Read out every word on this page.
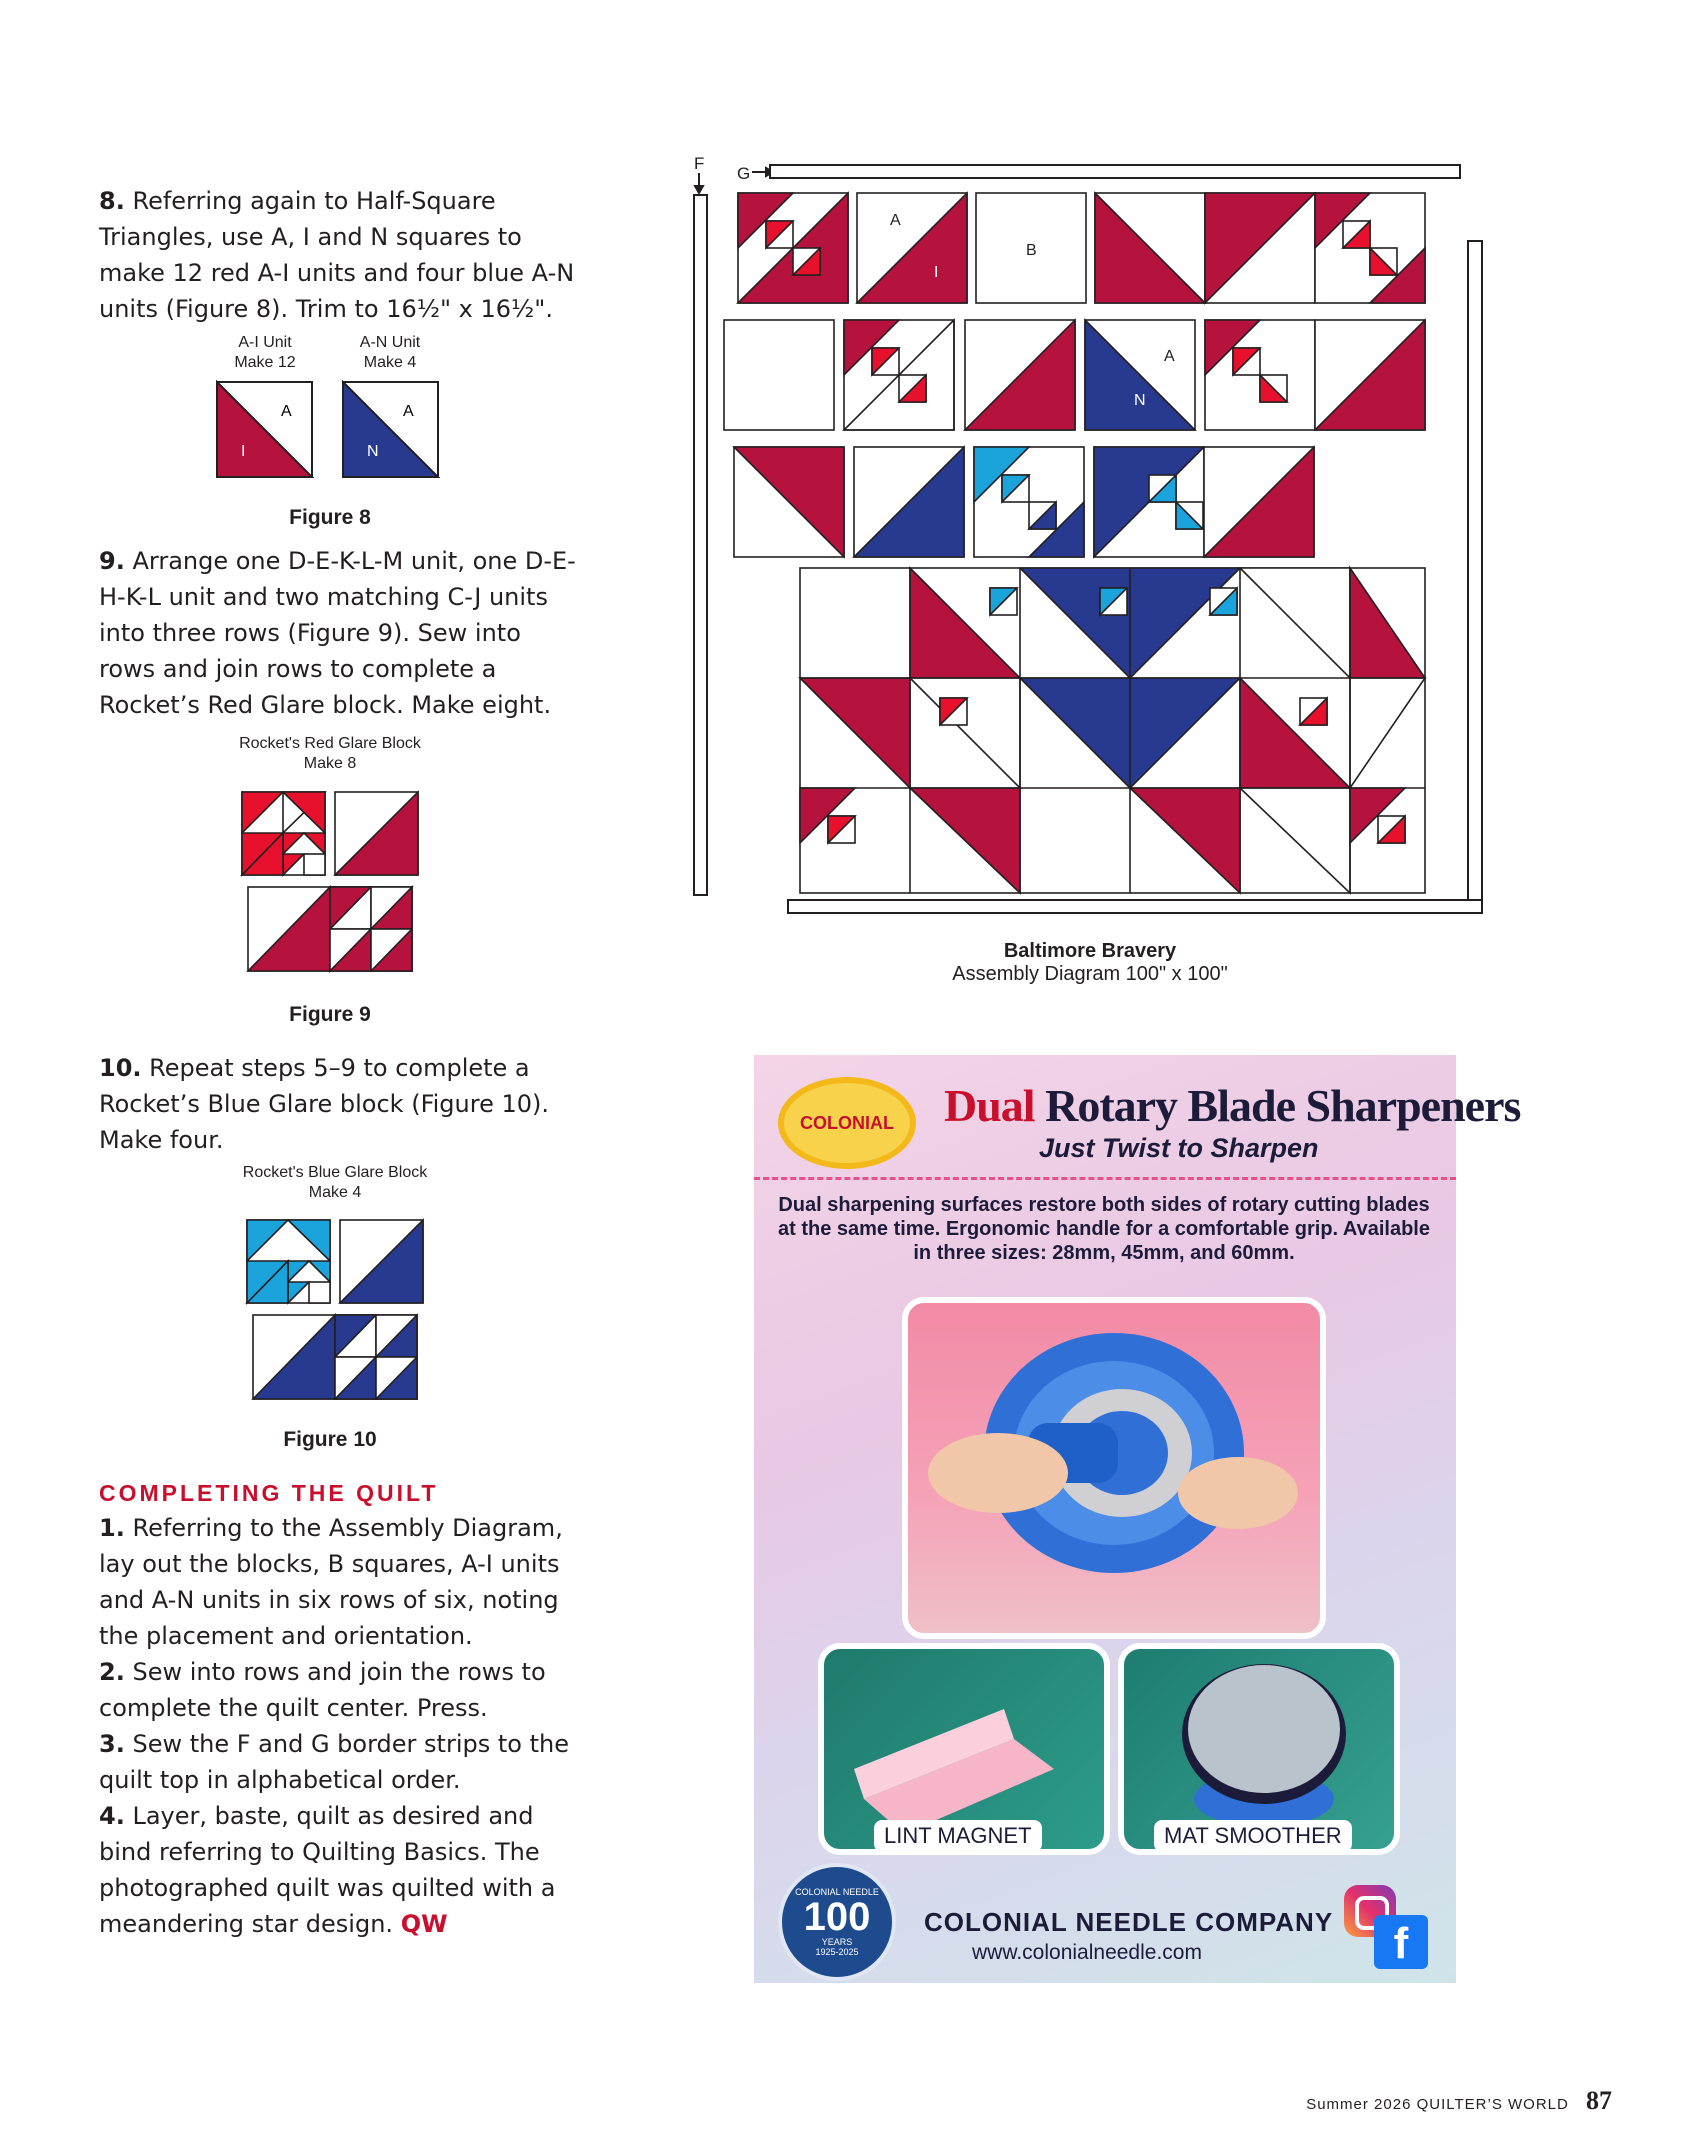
8. Referring again to Half-Square Triangles, use A, I and N squares to make 12 red A-I units and four blue A-N units (Figure 8). Trim to 16½" x 16½".

A-I Unit
Make 12
A-N Unit
Make 4
A
I
A
N
Figure 8

9. Arrange one D-E-K-L-M unit, one D-E-H-K-L unit and two matching C-J units into three rows (Figure 9). Sew into rows and join rows to complete a Rocket’s Red Glare block. Make eight.

Rocket's Red Glare Block
Make 8
Figure 9

10. Repeat steps 5–9 to complete a Rocket’s Blue Glare block (Figure 10). Make four.

Rocket's Blue Glare Block
Make 4
Figure 10
COMPLETING THE QUILT

1. Referring to the Assembly Diagram, lay out the blocks, B squares, A-I units and A-N units in six rows of six, noting the placement and orientation.

2. Sew into rows and join the rows to complete the quilt center. Press.

3. Sew the F and G border strips to the quilt top in alphabetical order.

4. Layer, baste, quilt as desired and bind referring to Quilting Basics. The photographed quilt was quilted with a meandering star design. QW

F
G
A
I
B
A
N
Baltimore Bravery
Assembly Diagram 100" x 100"
COLONIAL Dual Rotary Blade Sharpeners
Just Twist to Sharpen
Dual sharpening surfaces restore both sides of rotary cutting blades at the same time. Ergonomic handle for a comfortable grip. Available in three sizes: 28mm, 45mm, and 60mm.
LINT MAGNET	MAT SMOOTHER
COLONIAL NEEDLE
100
YEARS
1925-2025
COLONIAL NEEDLE COMPANY
www.colonialneedle.com	f
Summer 2026 QUILTER’S WORLD 87
